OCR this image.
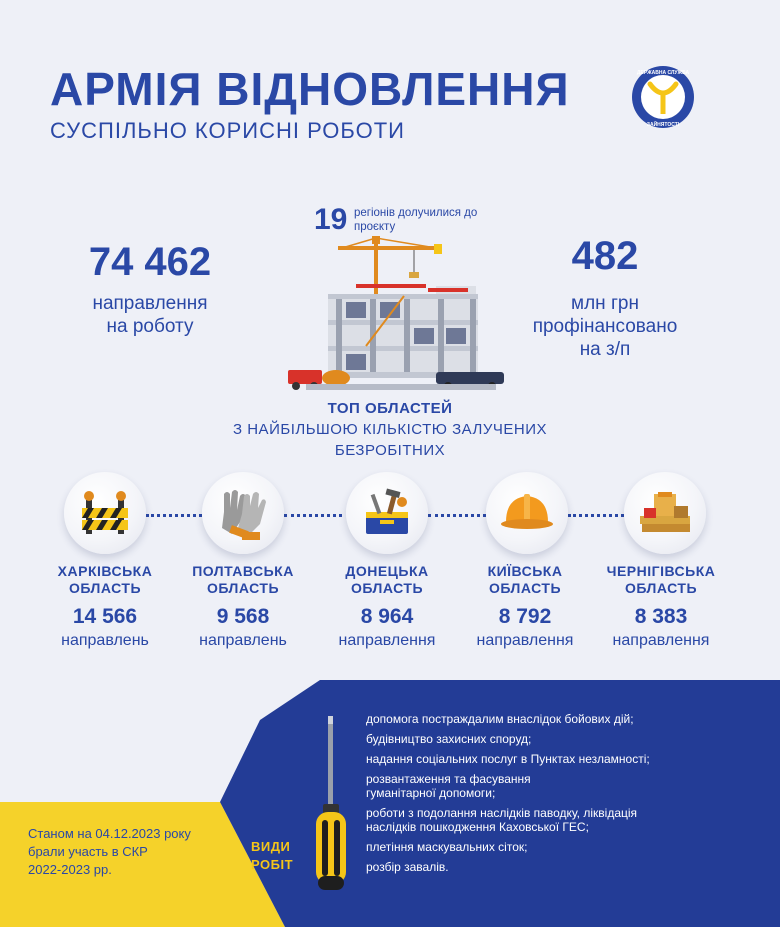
АРМІЯ ВІДНОВЛЕННЯ
СУСПІЛЬНО КОРИСНІ РОБОТИ
ДЕРЖАВНА СЛУЖБА
ЗАЙНЯТОСТІ
19 регіонів долучилися до проєкту
74 462
направлення
на роботу
482
млн грн
профінансовано
на з/п
ТОП ОБЛАСТЕЙ
З НАЙБІЛЬШОЮ КІЛЬКІСТЮ ЗАЛУЧЕНИХ
БЕЗРОБІТНИХ
ХАРКІВСЬКА
ОБЛАСТЬ
14 566
направлень
ПОЛТАВСЬКА
ОБЛАСТЬ
9 568
направлень
ДОНЕЦЬКА
ОБЛАСТЬ
8 964
направлення
КИЇВСЬКА
ОБЛАСТЬ
8 792
направлення
ЧЕРНІГІВСЬКА
ОБЛАСТЬ
8 383
направлення
Станом на 04.12.2023 року
брали участь в СКР
2022-2023 рр.
ВИДИ
РОБІТ
допомога постраждалим внаслідок бойових дій;
будівництво захисних споруд;
надання соціальних послуг в Пунктах незламності;
розвантаження та фасування
гуманітарної допомоги;
роботи з подолання наслідків паводку, ліквідація
наслідків пошкодження Каховської ГЕС;
плетіння маскувальних сіток;
розбір завалів.
